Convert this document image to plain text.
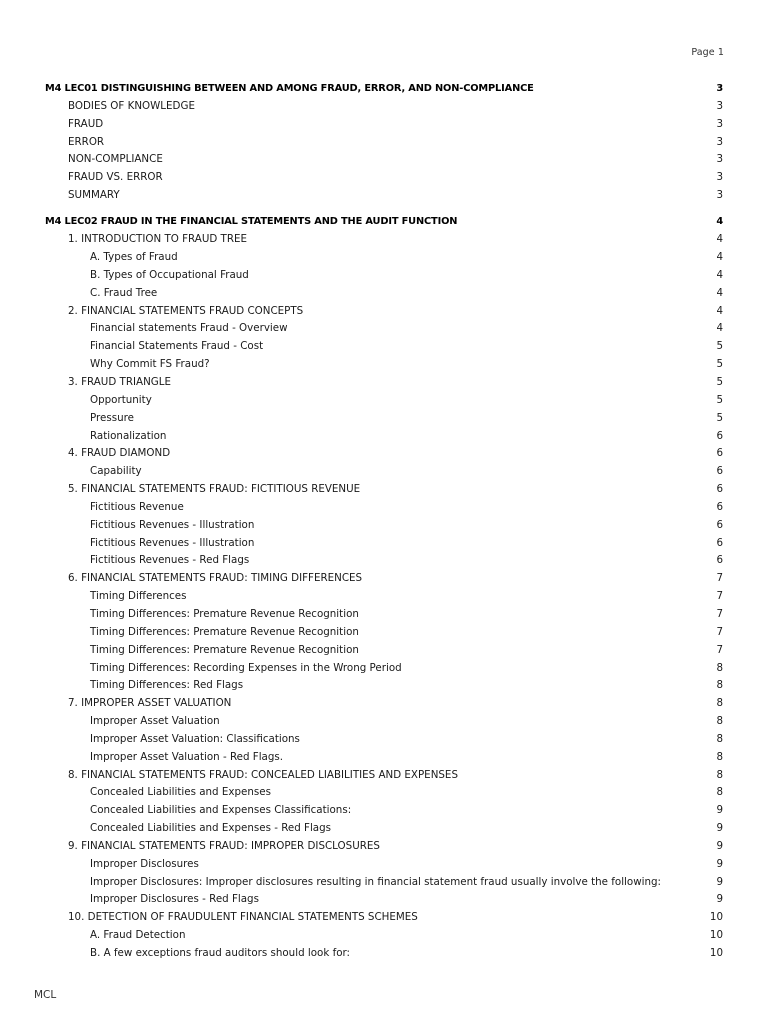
Page 1
M4 LEC01 DISTINGUISHING BETWEEN AND AMONG FRAUD, ERROR, AND NON-COMPLIANCE	3
BODIES OF KNOWLEDGE	3
FRAUD	3
ERROR	3
NON-COMPLIANCE	3
FRAUD VS. ERROR	3
SUMMARY	3
M4 LEC02 FRAUD IN THE FINANCIAL STATEMENTS AND THE AUDIT FUNCTION	4
1. INTRODUCTION TO FRAUD TREE	4
A. Types of Fraud	4
B. Types of Occupational Fraud	4
C. Fraud Tree	4
2. FINANCIAL STATEMENTS FRAUD CONCEPTS	4
Financial statements Fraud - Overview	4
Financial Statements Fraud - Cost	5
Why Commit FS Fraud?	5
3. FRAUD TRIANGLE	5
Opportunity	5
Pressure	5
Rationalization	6
4. FRAUD DIAMOND	6
Capability	6
5. FINANCIAL STATEMENTS FRAUD: FICTITIOUS REVENUE	6
Fictitious Revenue	6
Fictitious Revenues - Illustration	6
Fictitious Revenues - Illustration	6
Fictitious Revenues - Red Flags	6
6. FINANCIAL STATEMENTS FRAUD: TIMING DIFFERENCES	7
Timing Differences	7
Timing Differences: Premature Revenue Recognition	7
Timing Differences: Premature Revenue Recognition	7
Timing Differences: Premature Revenue Recognition	7
Timing Differences: Recording Expenses in the Wrong Period	8
Timing Differences: Red Flags	8
7. IMPROPER ASSET VALUATION	8
Improper Asset Valuation	8
Improper Asset Valuation: Classifications	8
Improper Asset Valuation - Red Flags.	8
8. FINANCIAL STATEMENTS FRAUD: CONCEALED LIABILITIES AND EXPENSES	8
Concealed Liabilities and Expenses	8
Concealed Liabilities and Expenses Classifications:	9
Concealed Liabilities and Expenses - Red Flags	9
9. FINANCIAL STATEMENTS FRAUD: IMPROPER DISCLOSURES	9
Improper Disclosures	9
Improper Disclosures: Improper disclosures resulting in financial statement fraud usually involve the following:	9
Improper Disclosures - Red Flags	9
10. DETECTION OF FRAUDULENT FINANCIAL STATEMENTS SCHEMES	10
A. Fraud Detection	10
B. A few exceptions fraud auditors should look for:	10
MCL
